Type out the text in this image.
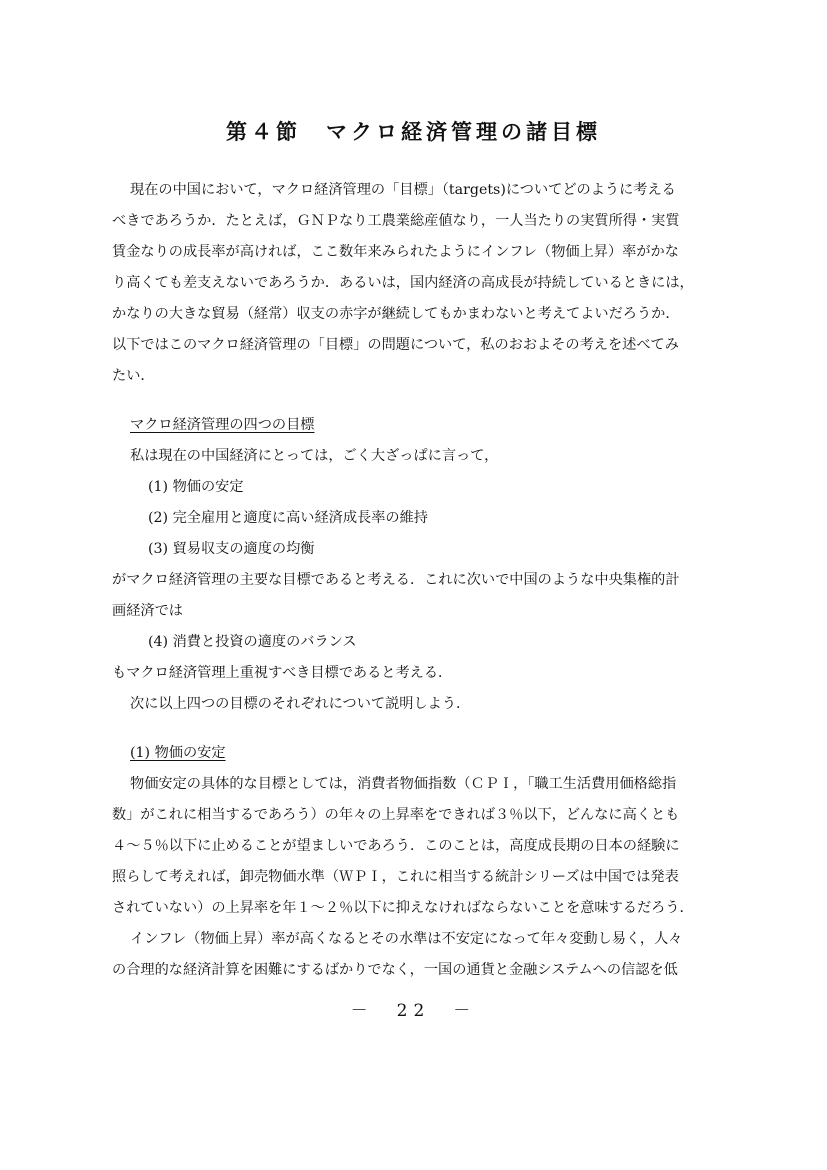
第４節　マクロ経済管理の諸目標
現在の中国において，マクロ経済管理の「目標」（targets)についてどのように考える
べきであろうか．たとえば，ＧＮＰなり工農業総産値なり，一人当たりの実質所得・実質
賃金なりの成長率が高ければ，ここ数年来みられたようにインフレ（物価上昇）率がかな
り高くても差支えないであろうか．あるいは，国内経済の高成長が持続しているときには，
かなりの大きな貿易（経常）収支の赤字が継続してもかまわないと考えてよいだろうか．
以下ではこのマクロ経済管理の「目標」の問題について，私のおおよその考えを述べてみ
たい．
マクロ経済管理の四つの目標
私は現在の中国経済にとっては，ごく大ざっぱに言って，
(1) 物価の安定
(2) 完全雇用と適度に高い経済成長率の維持
(3) 貿易収支の適度の均衡
がマクロ経済管理の主要な目標であると考える．これに次いで中国のような中央集権的計
画経済では
(4) 消費と投資の適度のバランス
もマクロ経済管理上重視すべき目標であると考える．
次に以上四つの目標のそれぞれについて説明しよう．
(1) 物価の安定
物価安定の具体的な目標としては，消費者物価指数（ＣＰＩ，「職工生活費用価格総指
数」がこれに相当するであろう）の年々の上昇率をできれば３％以下，どんなに高くとも
４～５％以下に止めることが望ましいであろう．このことは，高度成長期の日本の経験に
照らして考えれば，卸売物価水準（ＷＰＩ，これに相当する統計シリーズは中国では発表
されていない）の上昇率を年１～２％以下に抑えなければならないことを意味するだろう．
インフレ（物価上昇）率が高くなるとその水準は不安定になって年々変動し易く，人々
の合理的な経済計算を困難にするばかりでなく，一国の通貨と金融システムへの信認を低
－　22　－
